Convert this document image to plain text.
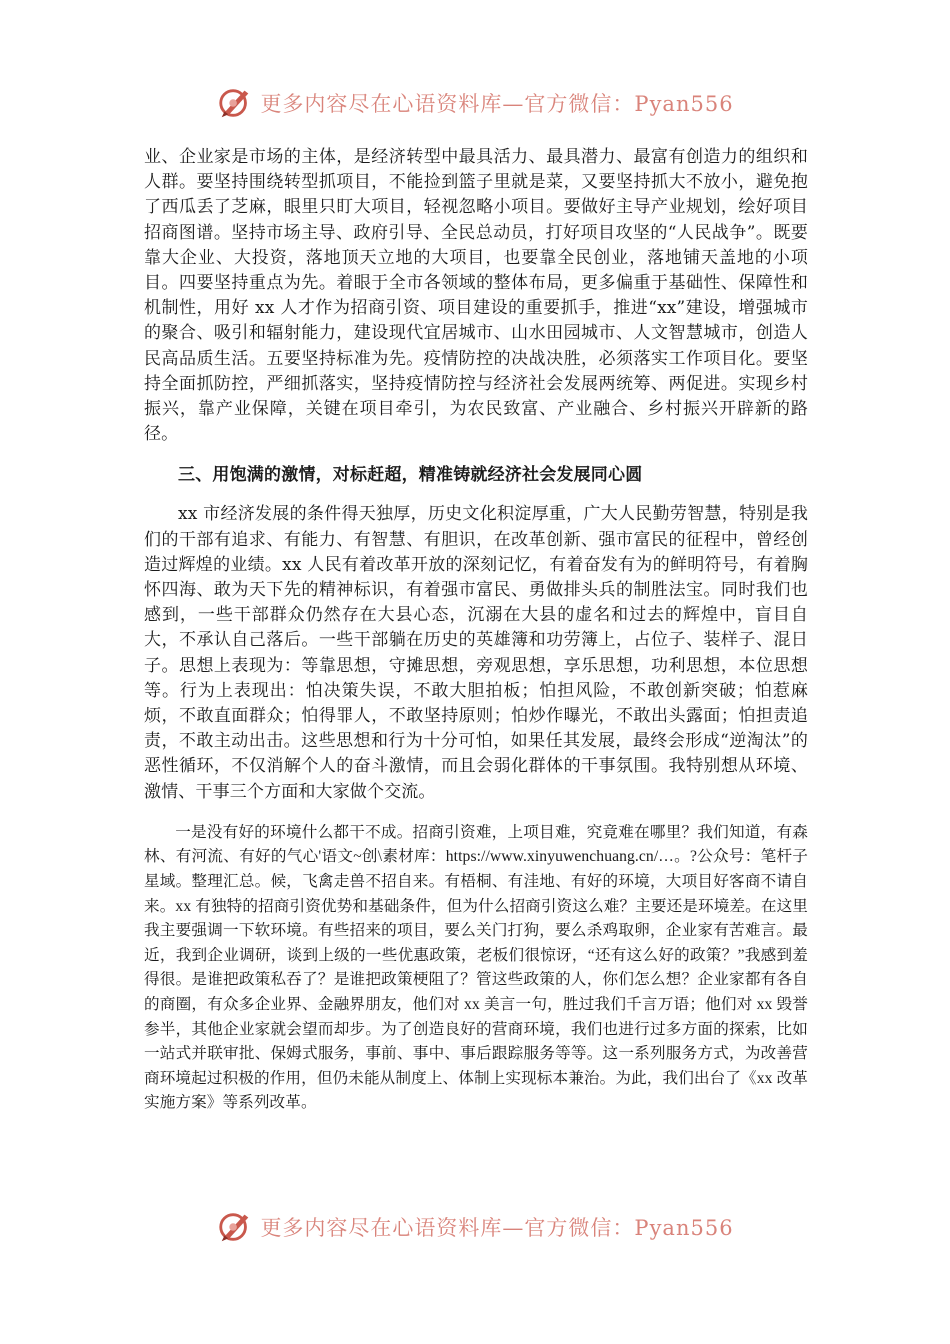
更多内容尽在心语资料库—官方微信：Pyan556

业、企业家是市场的主体，是经济转型中最具活力、最具潜力、最富有创造力的组织和人群。要坚持围绕转型抓项目，不能捡到篮子里就是菜，又要坚持抓大不放小，避免抱了西瓜丢了芝麻，眼里只盯大项目，轻视忽略小项目。要做好主导产业规划，绘好项目招商图谱。坚持市场主导、政府引导、全民总动员，打好项目攻坚的“人民战争”。既要靠大企业、大投资，落地顶天立地的大项目，也要靠全民创业，落地铺天盖地的小项目。四要坚持重点为先。着眼于全市各领域的整体布局，更多偏重于基础性、保障性和机制性，用好 xx 人才作为招商引资、项目建设的重要抓手，推进“xx”建设，增强城市的聚合、吸引和辐射能力，建设现代宜居城市、山水田园城市、人文智慧城市，创造人民高品质生活。五要坚持标准为先。疫情防控的决战决胜，必须落实工作项目化。要坚持全面抓防控，严细抓落实，坚持疫情防控与经济社会发展两统筹、两促进。实现乡村振兴，靠产业保障，关键在项目牵引，为农民致富、产业融合、乡村振兴开辟新的路径。

三、用饱满的激情，对标赶超，精准铸就经济社会发展同心圆

xx 市经济发展的条件得天独厚，历史文化积淀厚重，广大人民勤劳智慧，特别是我们的干部有追求、有能力、有智慧、有胆识，在改革创新、强市富民的征程中，曾经创造过辉煌的业绩。xx 人民有着改革开放的深刻记忆，有着奋发有为的鲜明符号，有着胸怀四海、敢为天下先的精神标识，有着强市富民、勇做排头兵的制胜法宝。同时我们也感到，一些干部群众仍然存在大县心态，沉溺在大县的虚名和过去的辉煌中，盲目自大，不承认自己落后。一些干部躺在历史的英雄簿和功劳簿上，占位子、装样子、混日子。思想上表现为：等靠思想，守摊思想，旁观思想，享乐思想，功利思想，本位思想等。行为上表现出：怕决策失误，不敢大胆拍板；怕担风险，不敢创新突破；怕惹麻烦，不敢直面群众；怕得罪人，不敢坚持原则；怕炒作曝光，不敢出头露面；怕担责追责，不敢主动出击。这些思想和行为十分可怕，如果任其发展，最终会形成“逆淘汰”的恶性循环，不仅消解个人的奋斗激情，而且会弱化群体的干事氛围。我特别想从环境、激情、干事三个方面和大家做个交流。

一是没有好的环境什么都干不成。招商引资难，上项目难，究竟难在哪里？我们知道，有森林、有河流、有好的气心'语文~创\素材库：https://www.xinyuwenchuang.cn/…。?公众号：笔杆子星域。整理汇总。候，飞禽走兽不招自来。有梧桐、有洼地、有好的环境，大项目好客商不请自来。xx 有独特的招商引资优势和基础条件，但为什么招商引资这么难？主要还是环境差。在这里我主要强调一下软环境。有些招来的项目，要么关门打狗，要么杀鸡取卵，企业家有苦难言。最近，我到企业调研，谈到上级的一些优惠政策，老板们很惊讶，“还有这么好的政策？”我感到羞得很。是谁把政策私吞了？是谁把政策梗阻了？管这些政策的人，你们怎么想？企业家都有各自的商圈，有众多企业界、金融界朋友，他们对 xx 美言一句，胜过我们千言万语；他们对 xx 毁誉参半，其他企业家就会望而却步。为了创造良好的营商环境，我们也进行过多方面的探索，比如一站式并联审批、保姆式服务，事前、事中、事后跟踪服务等等。这一系列服务方式，为改善营商环境起过积极的作用，但仍未能从制度上、体制上实现标本兼治。为此，我们出台了《xx 改革实施方案》等系列改革。

更多内容尽在心语资料库—官方微信：Pyan556
